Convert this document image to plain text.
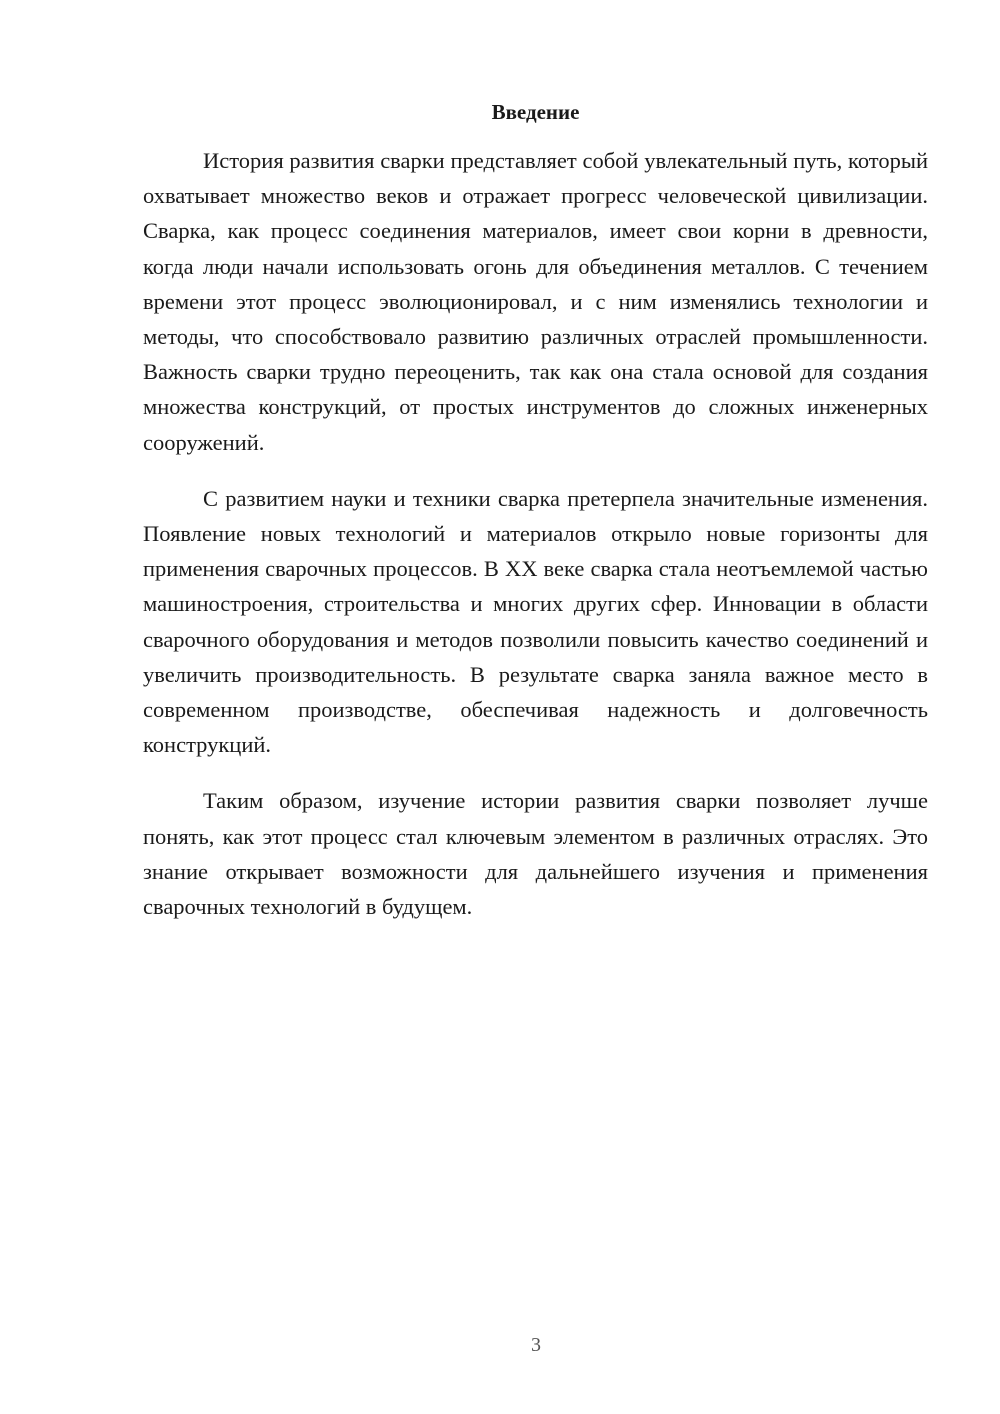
Введение

История развития сварки представляет собой увлекательный путь, который охватывает множество веков и отражает прогресс человеческой цивилизации. Сварка, как процесс соединения материалов, имеет свои корни в древности, когда люди начали использовать огонь для объединения металлов. С течением времени этот процесс эволюционировал, и с ним изменялись технологии и методы, что способствовало развитию различных отраслей промышленности. Важность сварки трудно переоценить, так как она стала основой для создания множества конструкций, от простых инструментов до сложных инженерных сооружений.

С развитием науки и техники сварка претерпела значительные изменения. Появление новых технологий и материалов открыло новые горизонты для применения сварочных процессов. В XX веке сварка стала неотъемлемой частью машиностроения, строительства и многих других сфер. Инновации в области сварочного оборудования и методов позволили повысить качество соединений и увеличить производительность. В результате сварка заняла важное место в современном производстве, обеспечивая надежность и долговечность конструкций.

Таким образом, изучение истории развития сварки позволяет лучше понять, как этот процесс стал ключевым элементом в различных отраслях. Это знание открывает возможности для дальнейшего изучения и применения сварочных технологий в будущем.

3
